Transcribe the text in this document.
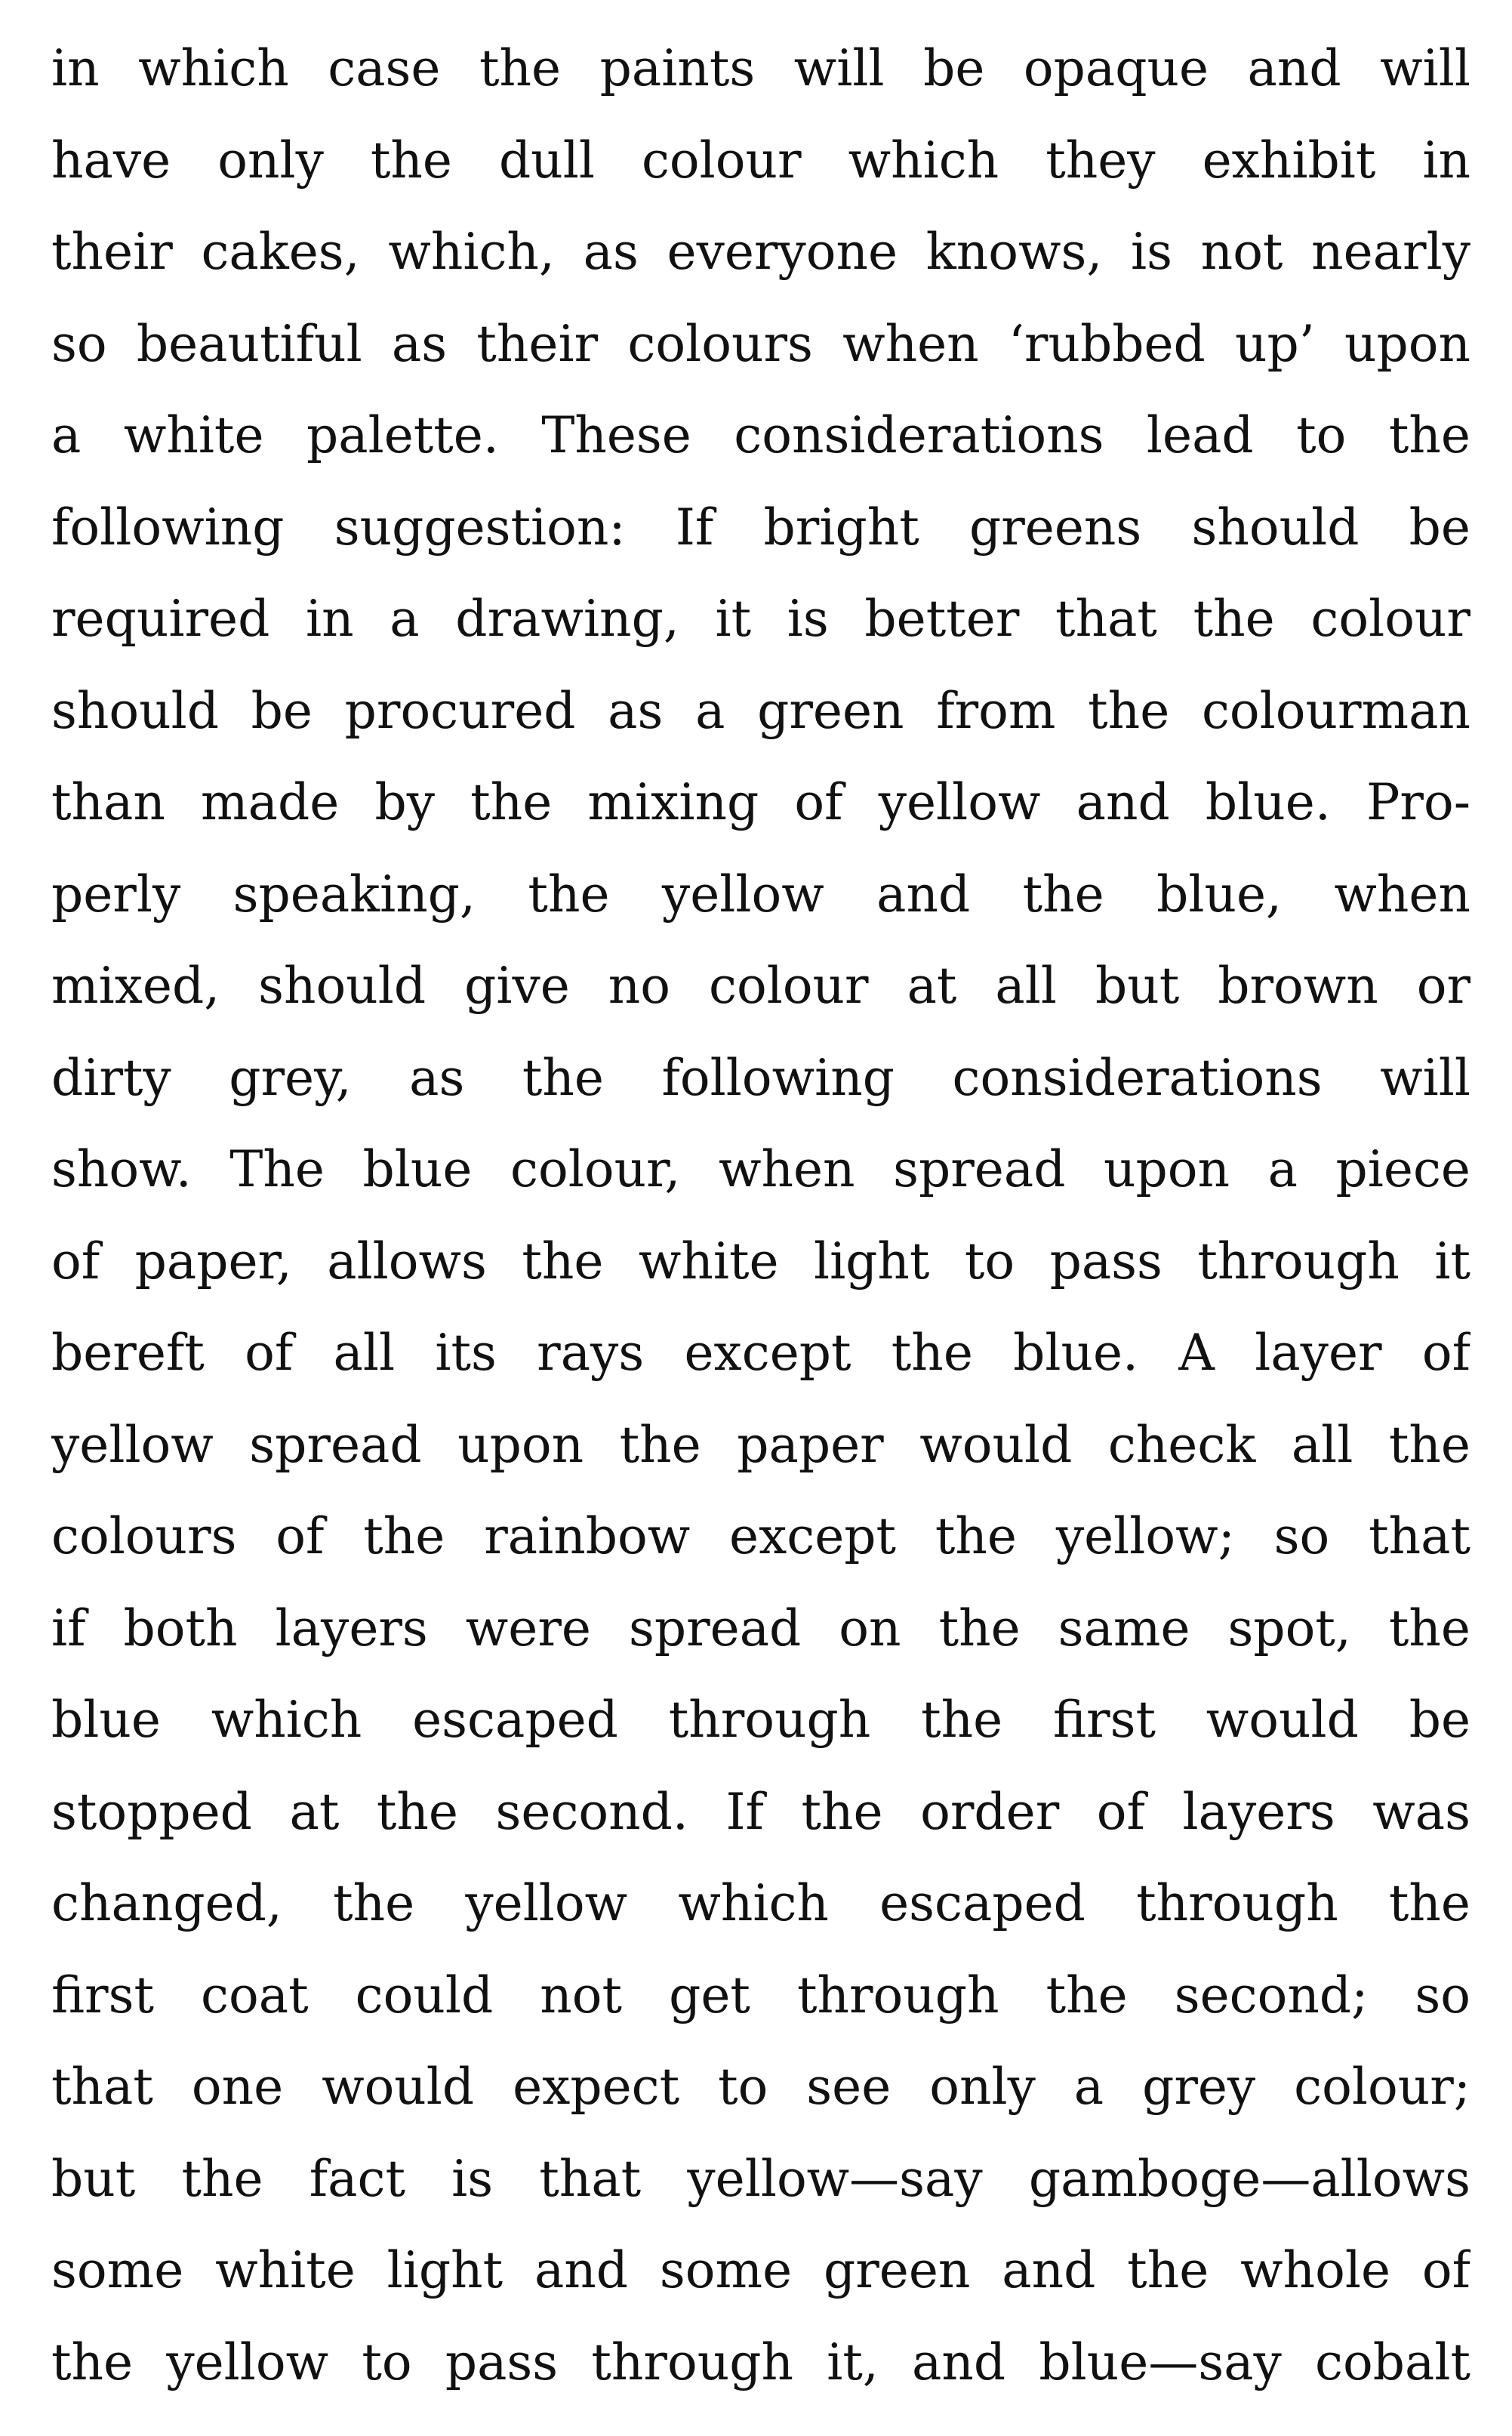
in which case the paints will be opaque and will
have only the dull colour which they exhibit in
their cakes, which, as everyone knows, is not nearly
so beautiful as their colours when ‘rubbed up’ upon
a white palette. These considerations lead to the
following suggestion: If bright greens should be
required in a drawing, it is better that the colour
should be procured as a green from the colourman
than made by the mixing of yellow and blue. Pro-
perly speaking, the yellow and the blue, when
mixed, should give no colour at all but brown or
dirty grey, as the following considerations will
show. The blue colour, when spread upon a piece
of paper, allows the white light to pass through it
bereft of all its rays except the blue. A layer of
yellow spread upon the paper would check all the
colours of the rainbow except the yellow; so that
if both layers were spread on the same spot, the
blue which escaped through the first would be
stopped at the second. If the order of layers was
changed, the yellow which escaped through the
first coat could not get through the second; so
that one would expect to see only a grey colour;
but the fact is that yellow—say gamboge—allows
some white light and some green and the whole of
the yellow to pass through it, and blue—say cobalt
